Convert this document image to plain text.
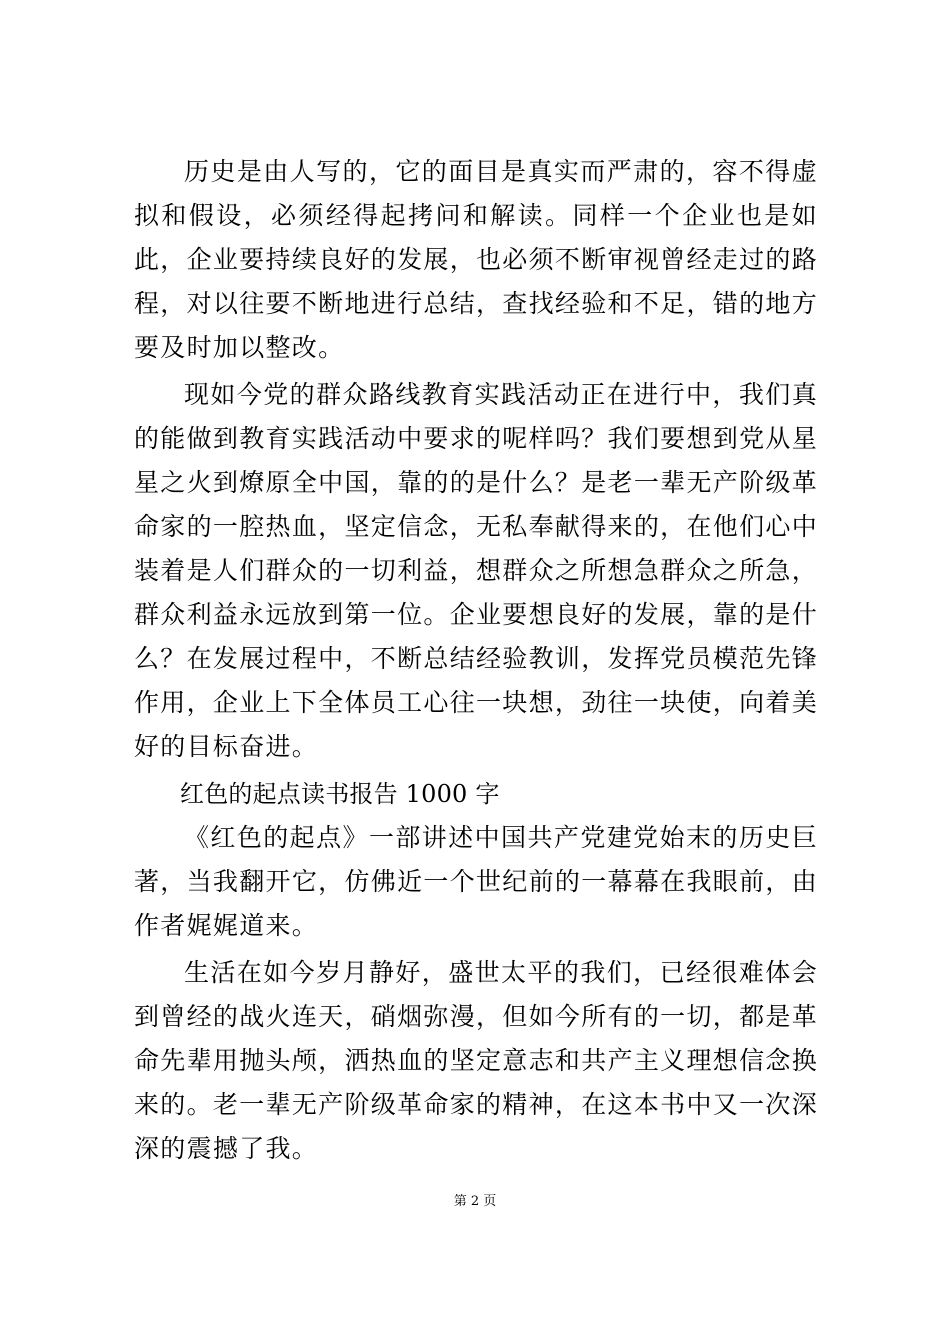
历史是由人写的，它的面目是真实而严肃的，容不得虚拟和假设，必须经得起拷问和解读。同样一个企业也是如此，企业要持续良好的发展，也必须不断审视曾经走过的路程，对以往要不断地进行总结，查找经验和不足，错的地方要及时加以整改。

现如今党的群众路线教育实践活动正在进行中，我们真的能做到教育实践活动中要求的呢样吗？我们要想到党从星星之火到燎原全中国，靠的的是什么？是老一辈无产阶级革命家的一腔热血，坚定信念，无私奉献得来的，在他们心中装着是人们群众的一切利益，想群众之所想急群众之所急，群众利益永远放到第一位。企业要想良好的发展，靠的是什么？在发展过程中，不断总结经验教训，发挥党员模范先锋作用，企业上下全体员工心往一块想，劲往一块使，向着美好的目标奋进。

红色的起点读书报告 1000 字

《红色的起点》一部讲述中国共产党建党始末的历史巨著，当我翻开它，仿佛近一个世纪前的一幕幕在我眼前，由作者娓娓道来。

生活在如今岁月静好，盛世太平的我们，已经很难体会到曾经的战火连天，硝烟弥漫，但如今所有的一切，都是革命先辈用抛头颅，洒热血的坚定意志和共产主义理想信念换来的。老一辈无产阶级革命家的精神，在这本书中又一次深深的震撼了我。

第 2 页
